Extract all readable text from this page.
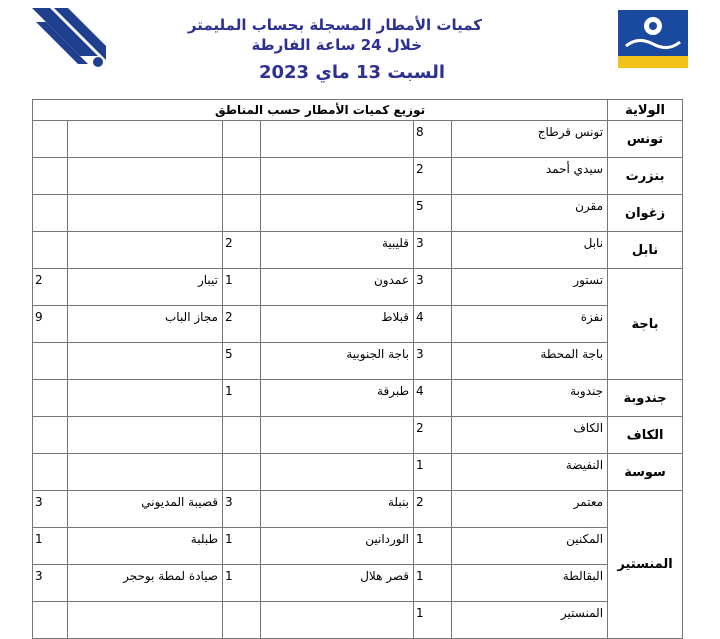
كميات الأمطار المسجلة بحساب المليمتر
خلال 24 ساعة الفارطة
السبت 13 ماي 2023
توزيع كميات الأمطار حسب المناطق						الولاية
				8	تونس قرطاج	تونس
				2	سيدي أحمد	بنزرت
				5	مقرن	زغوان
		2	قليبية	3	نابل	نابل
2	تيبار	1	عمدون	3	تستور	باجة
9	مجاز الباب	2	قبلاط	4	نفزة	
		5	باجة الجنوبية	3	باجة المحطة	
		1	طبرقة	4	جندوبة	جندوبة
				2	الكاف	الكاف
				1	النفيضة	سوسة
3	قصيبة المديوني	3	بنبلة	2	معتمر	المنستير
1	طبلبة	1	الوردانين	1	المكنين	
3	صيادة لمطة بوحجر	1	قصر هلال	1	البقالطة	
				1	المنستير	
